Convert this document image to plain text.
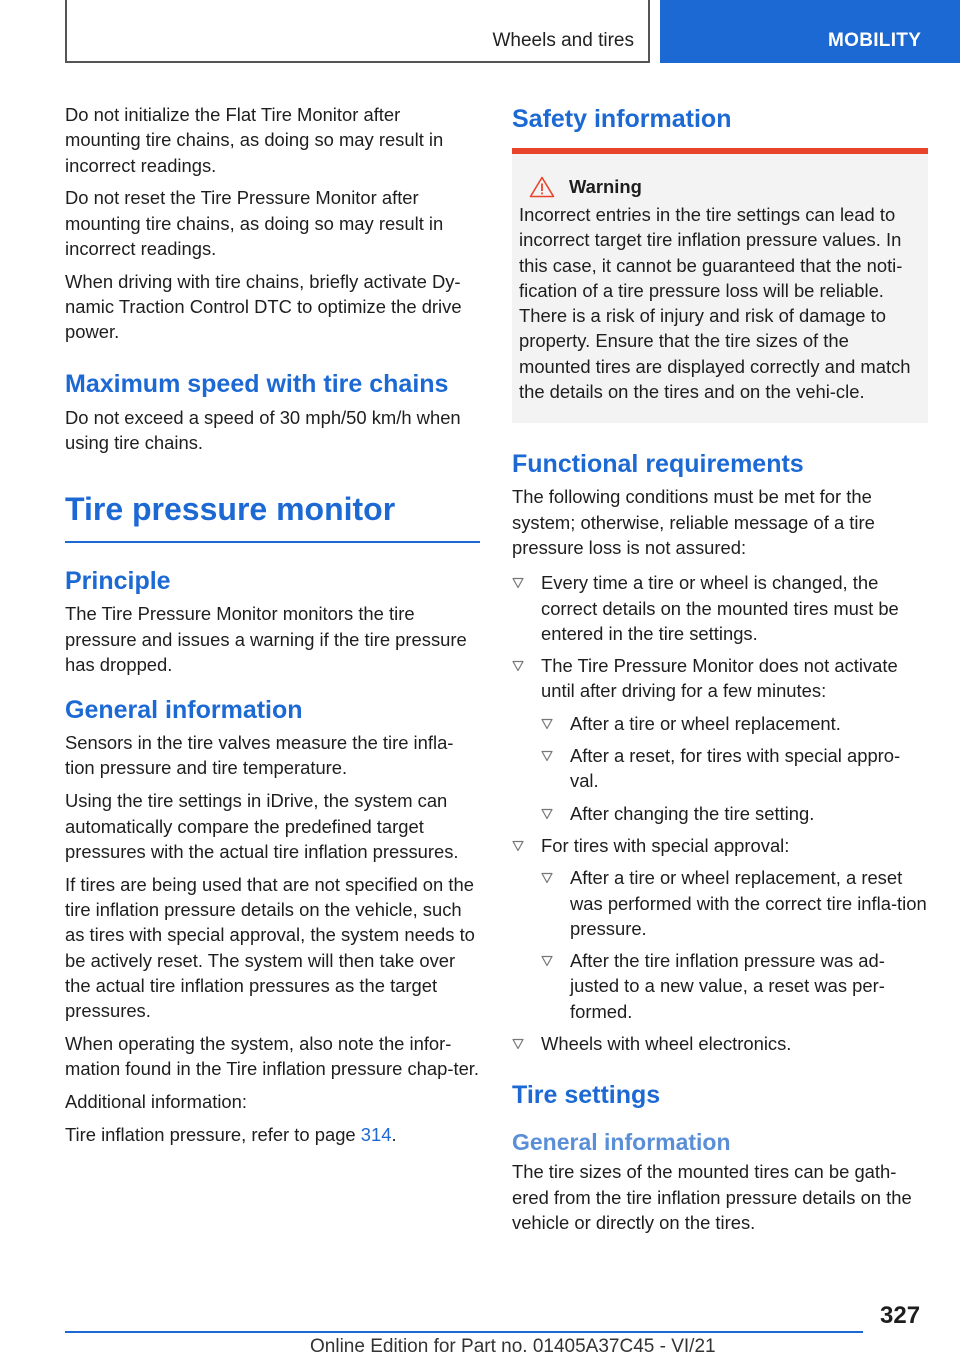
Wheels and tires	MOBILITY

Do not initialize the Flat Tire Monitor after mounting tire chains, as doing so may result in incorrect readings.

Do not reset the Tire Pressure Monitor after mounting tire chains, as doing so may result in incorrect readings.

When driving with tire chains, briefly activate Dy-namic Traction Control DTC to optimize the drive power.

Maximum speed with tire chains

Do not exceed a speed of 30 mph/50 km/h when using tire chains.

Tire pressure monitor
Principle

The Tire Pressure Monitor monitors the tire pressure and issues a warning if the tire pressure has dropped.

General information

Sensors in the tire valves measure the tire infla-tion pressure and tire temperature.

Using the tire settings in iDrive, the system can automatically compare the predefined target pressures with the actual tire inflation pressures.

If tires are being used that are not specified on the tire inflation pressure details on the vehicle, such as tires with special approval, the system needs to be actively reset. The system will then take over the actual tire inflation pressures as the target pressures.

When operating the system, also note the infor-mation found in the Tire inflation pressure chap-ter.

Additional information:

Tire inflation pressure, refer to page 314.

Safety information
Warning

Incorrect entries in the tire settings can lead to incorrect target tire inflation pressure values. In this case, it cannot be guaranteed that the noti-fication of a tire pressure loss will be reliable. There is a risk of injury and risk of damage to property. Ensure that the tire sizes of the mounted tires are displayed correctly and match the details on the tires and on the vehi-cle.

Functional requirements

The following conditions must be met for the system; otherwise, reliable message of a tire pressure loss is not assured:

Every time a tire or wheel is changed, the correct details on the mounted tires must be entered in the tire settings.
The Tire Pressure Monitor does not activate until after driving for a few minutes:
After a tire or wheel replacement.
After a reset, for tires with special appro-val.
After changing the tire setting.
For tires with special approval:
After a tire or wheel replacement, a reset was performed with the correct tire infla-tion pressure.
After the tire inflation pressure was ad-justed to a new value, a reset was per-formed.
Wheels with wheel electronics.
Tire settings
General information

The tire sizes of the mounted tires can be gath-ered from the tire inflation pressure details on the vehicle or directly on the tires.

327
Online Edition for Part no. 01405A37C45 - VI/21
